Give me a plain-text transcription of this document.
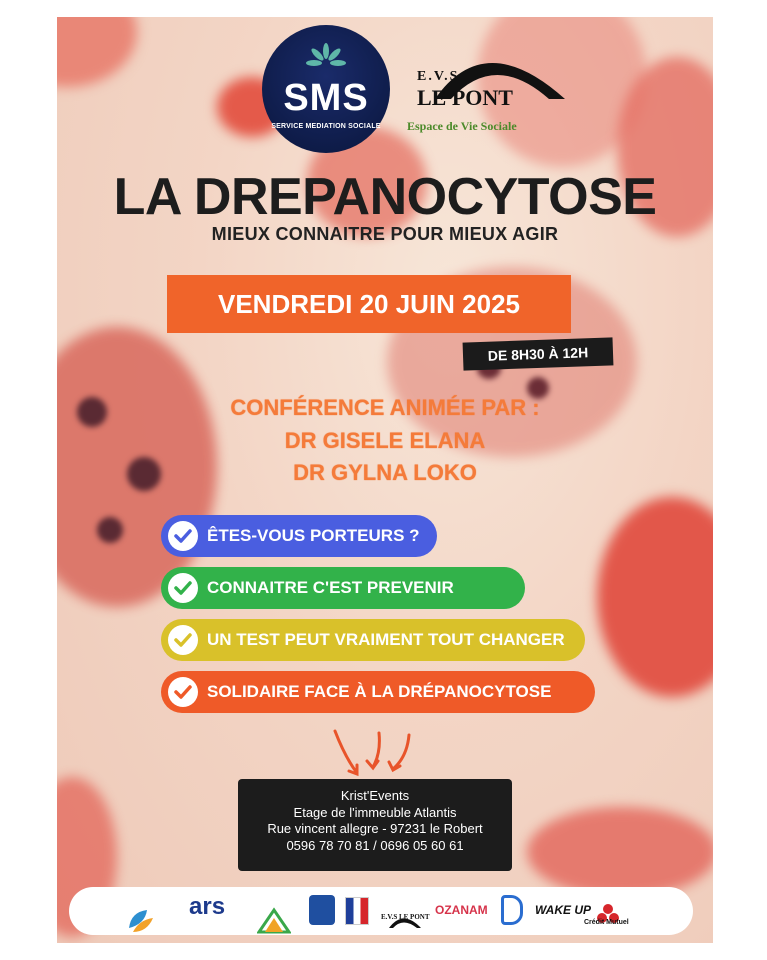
SMS
SERVICE MEDIATION SOCIALE
E.V.S
LE PONT
Espace de Vie Sociale
LA DREPANOCYTOSE
MIEUX CONNAITRE POUR MIEUX AGIR
VENDREDI 20 JUIN 2025
DE 8H30 À 12H
CONFÉRENCE ANIMÉE PAR :
DR GISELE ELANA
DR GYLNA LOKO
ÊTES-VOUS PORTEURS ?
CONNAITRE C'EST PREVENIR
UN TEST PEUT VRAIMENT TOUT CHANGER
SOLIDAIRE FACE À LA DRÉPANOCYTOSE
Krist'Events
Etage de l'immeuble Atlantis
Rue vincent allegre - 97231 le Robert
0596 78 70 81 / 0696 05 60 61
ars	E.V.S LE PONT OZANAM	WAKE UP
Crédit Mutuel
